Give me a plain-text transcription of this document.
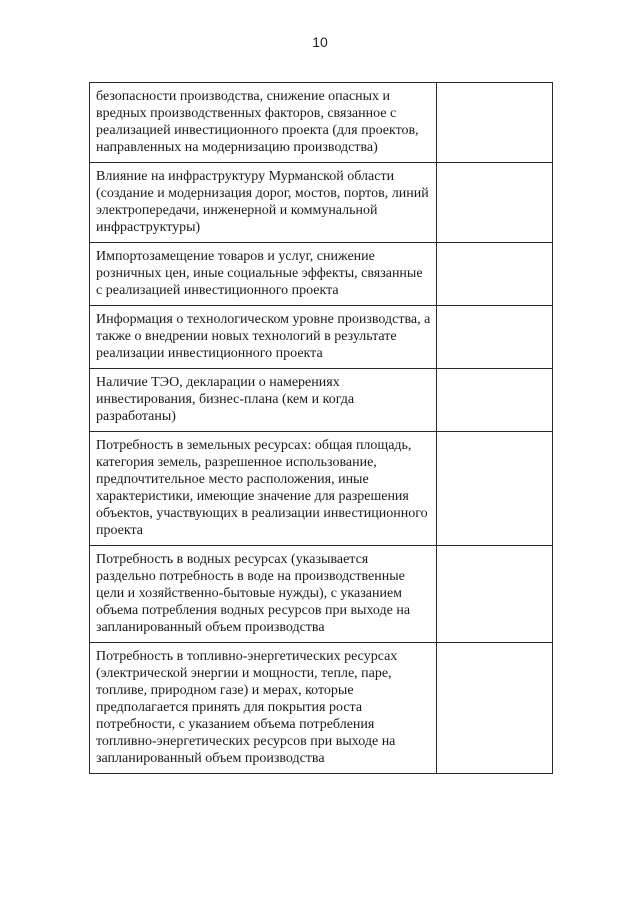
10
безопасности производства, снижение опасных и вредных производственных факторов, связанное с реализацией инвестиционного проекта (для проектов, направленных на модернизацию производства)	
Влияние на инфраструктуру Мурманской области (создание и модернизация дорог, мостов, портов, линий электропередачи, инженерной и коммунальной инфраструктуры)	
Импортозамещение товаров и услуг, снижение розничных цен, иные социальные эффекты, связанные с реализацией инвестиционного проекта	
Информация о технологическом уровне производства, а также о внедрении новых технологий в результате реализации инвестиционного проекта	
Наличие ТЭО, декларации о намерениях инвестирования, бизнес-плана (кем и когда разработаны)	
Потребность в земельных ресурсах: общая площадь, категория земель, разрешенное использование, предпочтительное место расположения, иные характеристики, имеющие значение для разрешения объектов, участвующих в реализации инвестиционного проекта	
Потребность в водных ресурсах (указывается раздельно потребность в воде на производственные цели и хозяйственно-бытовые нужды), с указанием объема потребления водных ресурсов при выходе на запланированный объем производства	
Потребность в топливно-энергетических ресурсах (электрической энергии и мощности, тепле, паре, топливе, природном газе) и мерах, которые предполагается принять для покрытия роста потребности, с указанием объема потребления топливно-энергетических ресурсов при выходе на запланированный объем производства	
